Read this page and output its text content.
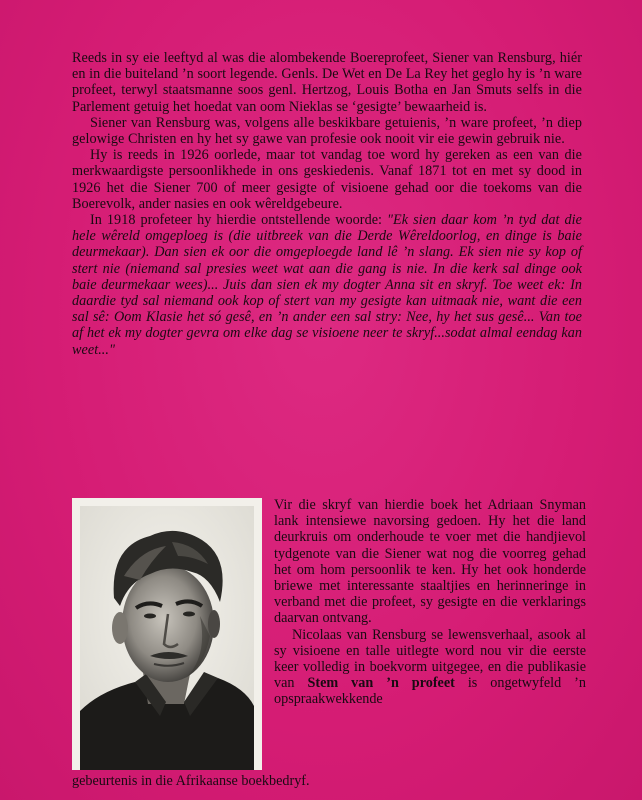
Reeds in sy eie leeftyd al was die alombekende Boereprofeet, Siener van Rensburg, hiér en in die buiteland ’n soort legende. Genls. De Wet en De La Rey het geglo hy is ’n ware profeet, terwyl staatsmanne soos genl. Hertzog, Louis Botha en Jan Smuts selfs in die Parlement getuig het hoedat van oom Nieklas se ‘gesigte’ bewaarheid is.

Siener van Rensburg was, volgens alle beskikbare getuienis, ’n ware profeet, ’n diep gelowige Christen en hy het sy gawe van profesie ook nooit vir eie gewin gebruik nie.

Hy is reeds in 1926 oorlede, maar tot vandag toe word hy gereken as een van die merkwaardigste persoonlikhede in ons geskiedenis. Vanaf 1871 tot en met sy dood in 1926 het die Siener 700 of meer gesigte of visioene gehad oor die toekoms van die Boerevolk, ander nasies en ook wêreldgebeure.

In 1918 profeteer hy hierdie ontstellende woorde: "Ek sien daar kom ’n tyd dat die hele wêreld omgeploeg is (die uitbreek van die Derde Wêreldoorlog, en dinge is baie deurmekaar). Dan sien ek oor die omgeploegde land lê ’n slang. Ek sien nie sy kop of stert nie (niemand sal presies weet wat aan die gang is nie. In die kerk sal dinge ook baie deurmekaar wees)... Juis dan sien ek my dogter Anna sit en skryf. Toe weet ek: In daardie tyd sal niemand ook kop of stert van my gesigte kan uitmaak nie, want die een sal sê: Oom Klasie het só gesê, en ’n ander een sal stry: Nee, hy het sus gesê... Van toe af het ek my dogter gevra om elke dag se visioene neer te skryf...sodat almal eendag kan weet..."

Vir die skryf van hierdie boek het Adriaan Snyman lank intensiewe navorsing gedoen. Hy het die land deurkruis om onderhoude te voer met die handjievol tydgenote van die Siener wat nog die voorreg gehad het om hom persoonlik te ken. Hy het ook honderde briewe met interessante staaltjies en herinneringe in verband met die profeet, sy gesigte en die verklarings daarvan ontvang.

Nicolaas van Rensburg se lewensverhaal, asook al sy visioene en talle uitlegte word nou vir die eerste keer volledig in boekvorm uitgegee, en die publikasie van Stem van ’n profeet is ongetwyfeld ’n opspraakwekkende

gebeurtenis in die Afrikaanse boekbedryf.
